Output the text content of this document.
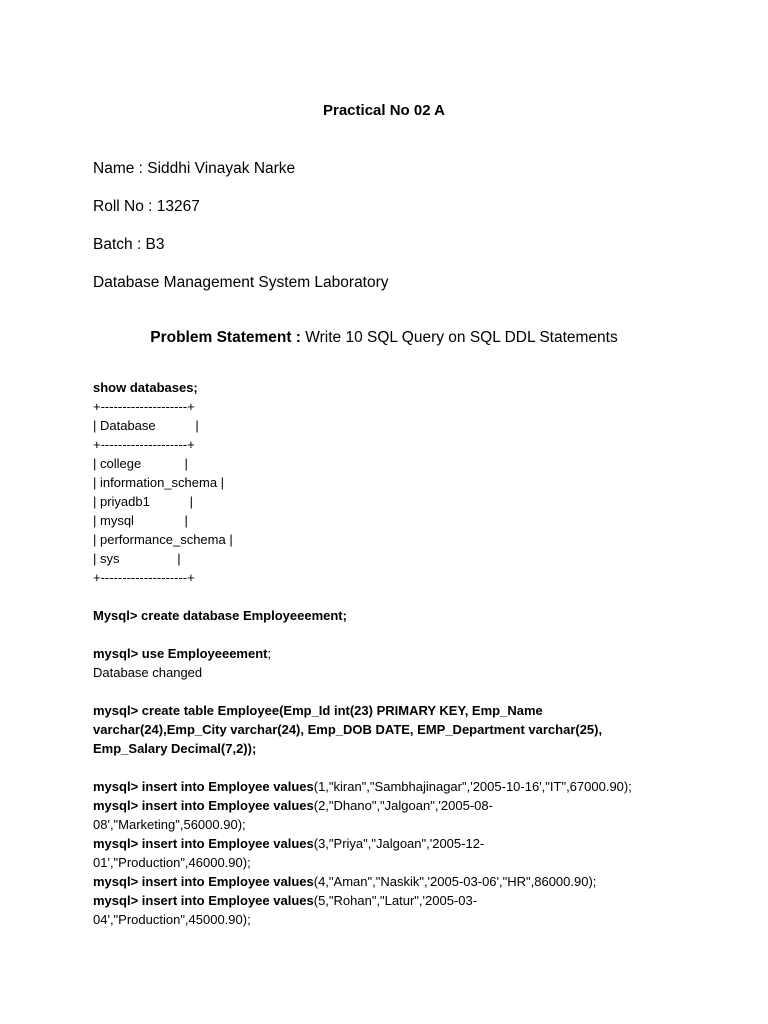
Practical No 02 A
Name : Siddhi Vinayak Narke
Roll No : 13267
Batch : B3
Database Management System Laboratory
Problem Statement : Write 10 SQL Query on SQL DDL Statements
show databases;
+--------------------+
| Database           |
+--------------------+
| college            |
| information_schema |
| priyadb1           |
| mysql              |
| performance_schema |
| sys                |
+--------------------+
Mysql> create database Employeeement;
mysql> use Employeeement;
Database changed
mysql> create table Employee(Emp_Id int(23) PRIMARY KEY, Emp_Name varchar(24),Emp_City varchar(24), Emp_DOB DATE, EMP_Department varchar(25), Emp_Salary Decimal(7,2));
mysql> insert into Employee values(1,"kiran","Sambhajinagar",'2005-10-16',"IT",67000.90);
mysql> insert into Employee values(2,"Dhano","Jalgoan",'2005-08-
08',"Marketing",56000.90);
mysql> insert into Employee values(3,"Priya","Jalgoan",'2005-12-
01',"Production",46000.90);
mysql> insert into Employee values(4,"Aman","Naskik",'2005-03-06',"HR",86000.90);
mysql> insert into Employee values(5,"Rohan","Latur",'2005-03-
04',"Production",45000.90);
